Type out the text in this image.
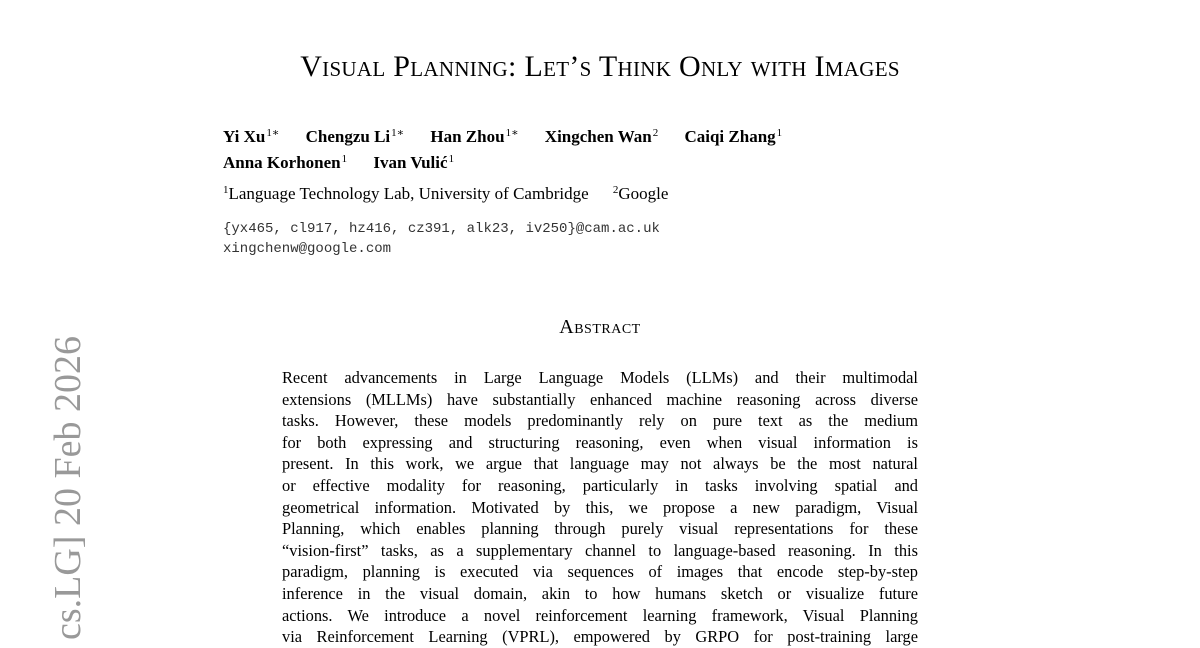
Visual Planning: Let’s Think Only with Images
Yi $Xu^{1∗}$ Chengzu $Li^{1∗}$ Han Zhou$^{1∗}$ Xingchen Wan$^2$ Caiqi Zhang$^1$
Anna Korhonen$^1$ Ivan Vulić$^1$
$^1$Language Technology Lab, University of Cambridge $^2$Google
{yx465, cl917, hz416, cz391, alk23, iv250}@cam.ac.uk
xingchenw@google.com
Abstract
Recent advancements in Large Language Models (LLMs) and their multimodal
extensions (MLLMs) have substantially enhanced machine reasoning across diverse
tasks. However, these models predominantly rely on pure text as the medium
for both expressing and structuring reasoning, even when visual information is
present. In this work, we argue that language may not always be the most natural
or effective modality for reasoning, particularly in tasks involving spatial and
geometrical information. Motivated by this, we propose a new paradigm, Visual
Planning, which enables planning through purely visual representations for these
“vision-first” tasks, as a supplementary channel to language-based reasoning. In this
paradigm, planning is executed via sequences of images that encode step-by-step
inference in the visual domain, akin to how humans sketch or visualize future
actions. We introduce a novel reinforcement learning framework, Visual Planning
via Reinforcement Learning (VPRL), empowered by GRPO for post-training large
cs.LG] 20 Feb 2026
